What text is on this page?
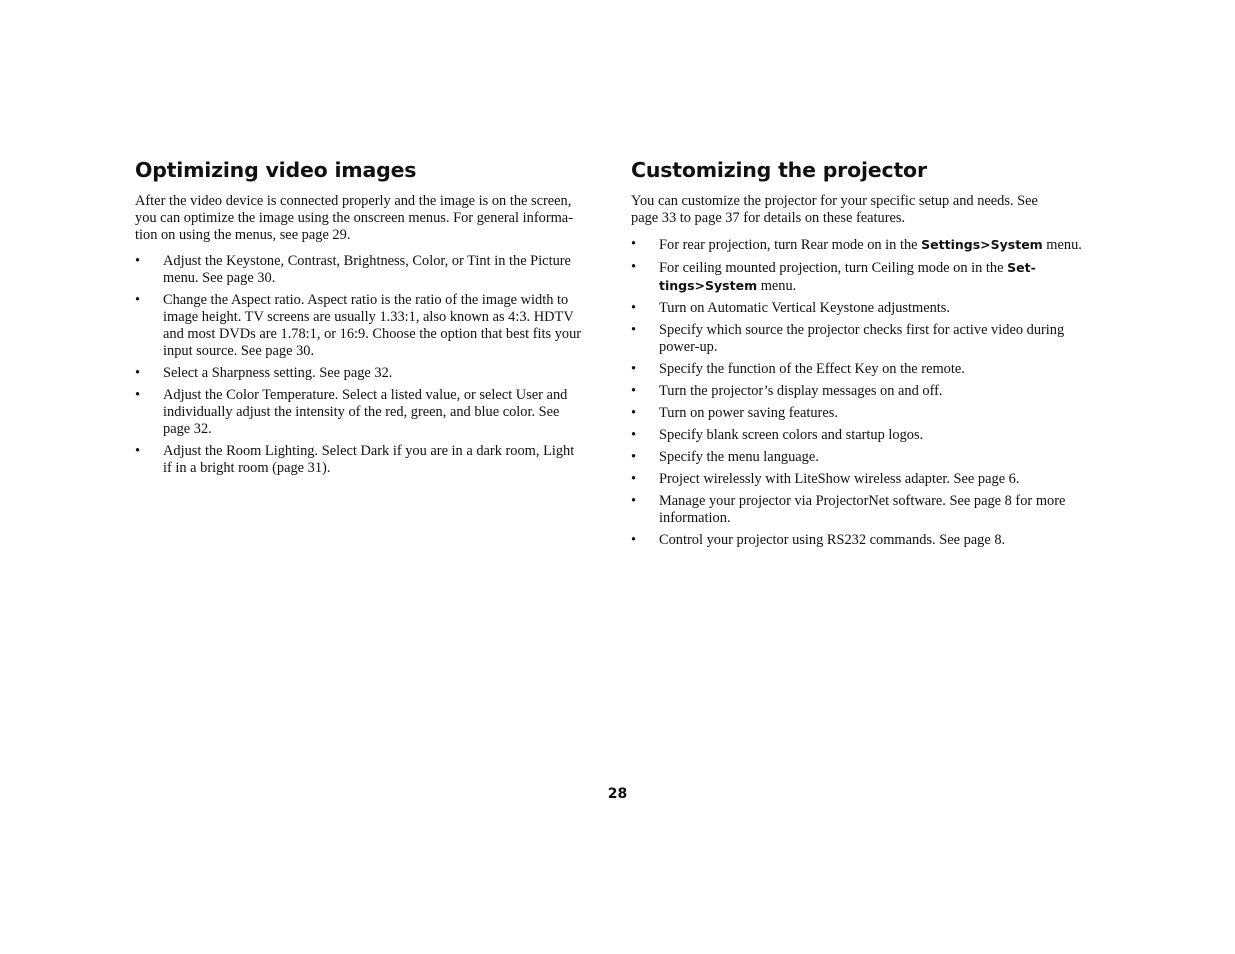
Optimizing video images

After the video device is connected properly and the image is on the screen,
you can optimize the image using the onscreen menus. For general informa-
tion on using the menus, see page 29.

• Adjust the Keystone, Contrast, Brightness, Color, or Tint in the Picture
menu. See page 30.
• Change the Aspect ratio. Aspect ratio is the ratio of the image width to
image height. TV screens are usually 1.33:1, also known as 4:3. HDTV
and most DVDs are 1.78:1, or 16:9. Choose the option that best fits your
input source. See page 30.
• Select a Sharpness setting. See page 32.
• Adjust the Color Temperature. Select a listed value, or select User and
individually adjust the intensity of the red, green, and blue color. See
page 32.
• Adjust the Room Lighting. Select Dark if you are in a dark room, Light
if in a bright room (page 31).
Customizing the projector

You can customize the projector for your specific setup and needs. See
page 33 to page 37 for details on these features.

• For rear projection, turn Rear mode on in the Settings>System menu.
• For ceiling mounted projection, turn Ceiling mode on in the Set-
tings>System menu.
• Turn on Automatic Vertical Keystone adjustments.
• Specify which source the projector checks first for active video during
power-up.
• Specify the function of the Effect Key on the remote.
• Turn the projector’s display messages on and off.
• Turn on power saving features.
• Specify blank screen colors and startup logos.
• Specify the menu language.
• Project wirelessly with LiteShow wireless adapter. See page 6.
• Manage your projector via ProjectorNet software. See page 8 for more
information.
• Control your projector using RS232 commands. See page 8.
28
